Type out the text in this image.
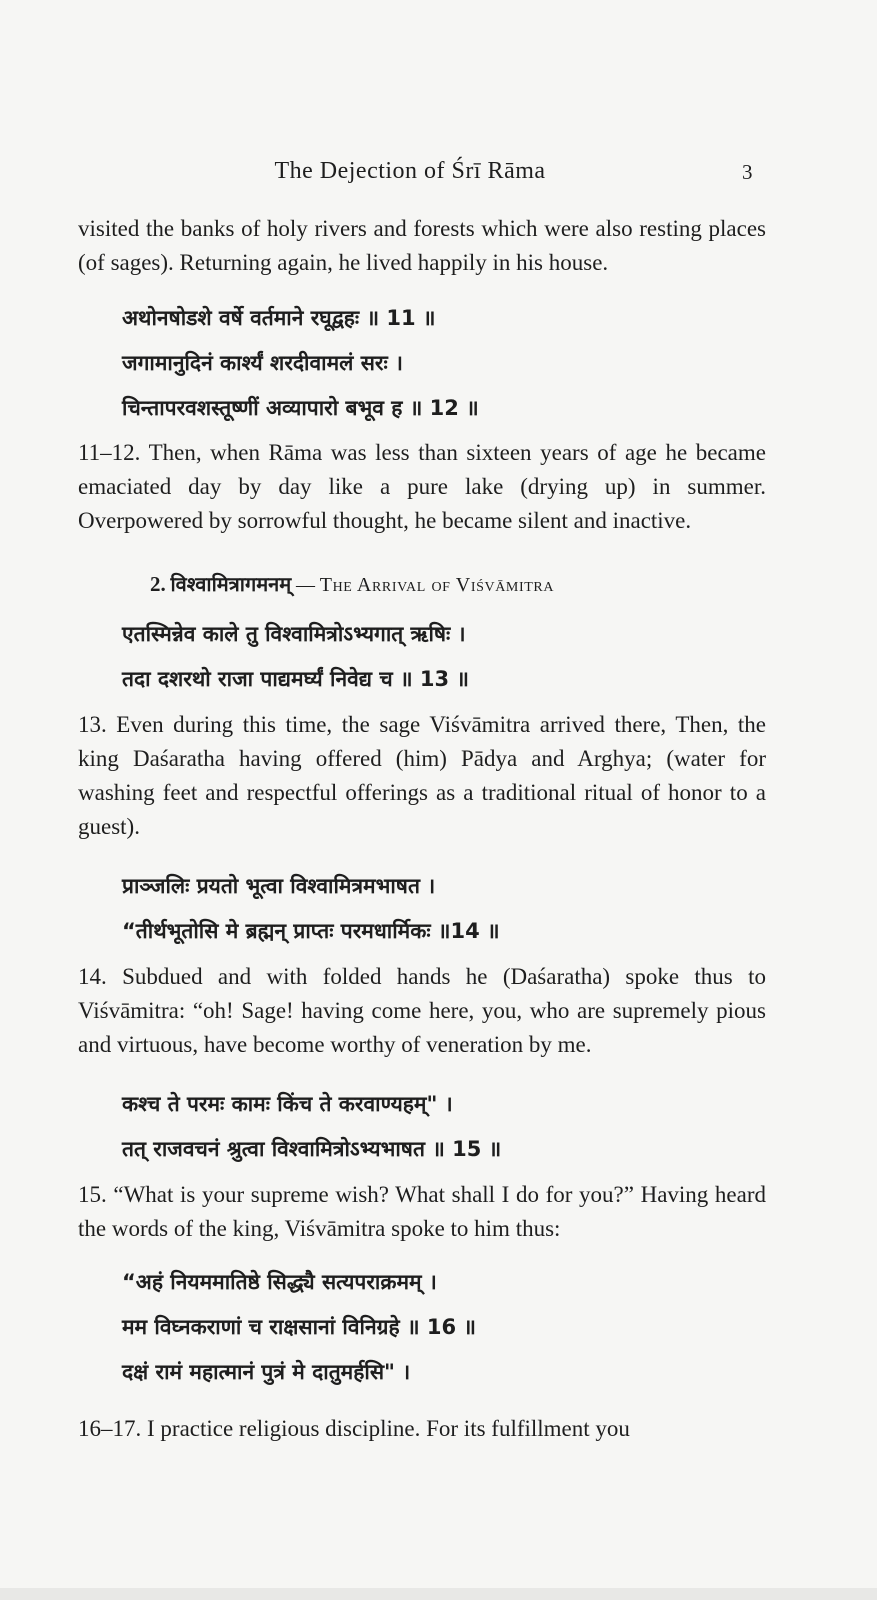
The Dejection of Śrī Rāma	3

visited the banks of holy rivers and forests which were also resting places (of sages). Returning again, he lived happily in his house.

अथोनषोडशे वर्षे वर्तमाने रघूद्वहः ॥ 11 ॥
जगामानुदिनं कार्श्यं शरदीवामलं सरः ।
चिन्तापरवशस्तूष्णीं अव्यापारो बभूव ह ॥ 12 ॥

11–12. Then, when Rāma was less than sixteen years of age he became emaciated day by day like a pure lake (drying up) in summer. Overpowered by sorrowful thought, he became silent and inactive.

2. विश्वामित्रागमनम् — The Arrival of Viśvāmitra
एतस्मिन्नेव काले तु विश्वामित्रोऽभ्यगात् ऋषिः ।
तदा दशरथो राजा पाद्यमर्घ्यं निवेद्य च ॥ 13 ॥

13. Even during this time, the sage Viśvāmitra arrived there, Then, the king Daśaratha having offered (him) Pādya and Arghya; (water for washing feet and respectful offerings as a traditional ritual of honor to a guest).

प्राञ्जलिः प्रयतो भूत्वा विश्वामित्रमभाषत ।
“तीर्थभूतोसि मे ब्रह्मन् प्राप्तः परमधार्मिकः ॥14 ॥

14. Subdued and with folded hands he (Daśaratha) spoke thus to Viśvāmitra: “oh! Sage! having come here, you, who are supremely pious and virtuous, have become worthy of veneration by me.

कश्च ते परमः कामः किंच ते करवाण्यहम्" ।
तत् राजवचनं श्रुत्वा विश्वामित्रोऽभ्यभाषत ॥ 15 ॥

15. “What is your supreme wish? What shall I do for you?” Having heard the words of the king, Viśvāmitra spoke to him thus:

“अहं नियममातिष्ठे सिद्ध्यै सत्यपराक्रमम् ।
मम विघ्नकराणां च राक्षसानां विनिग्रहे ॥ 16 ॥
दक्षं रामं महात्मानं पुत्रं मे दातुमर्हसि" ।

16–17. I practice religious discipline. For its fulfillment you
